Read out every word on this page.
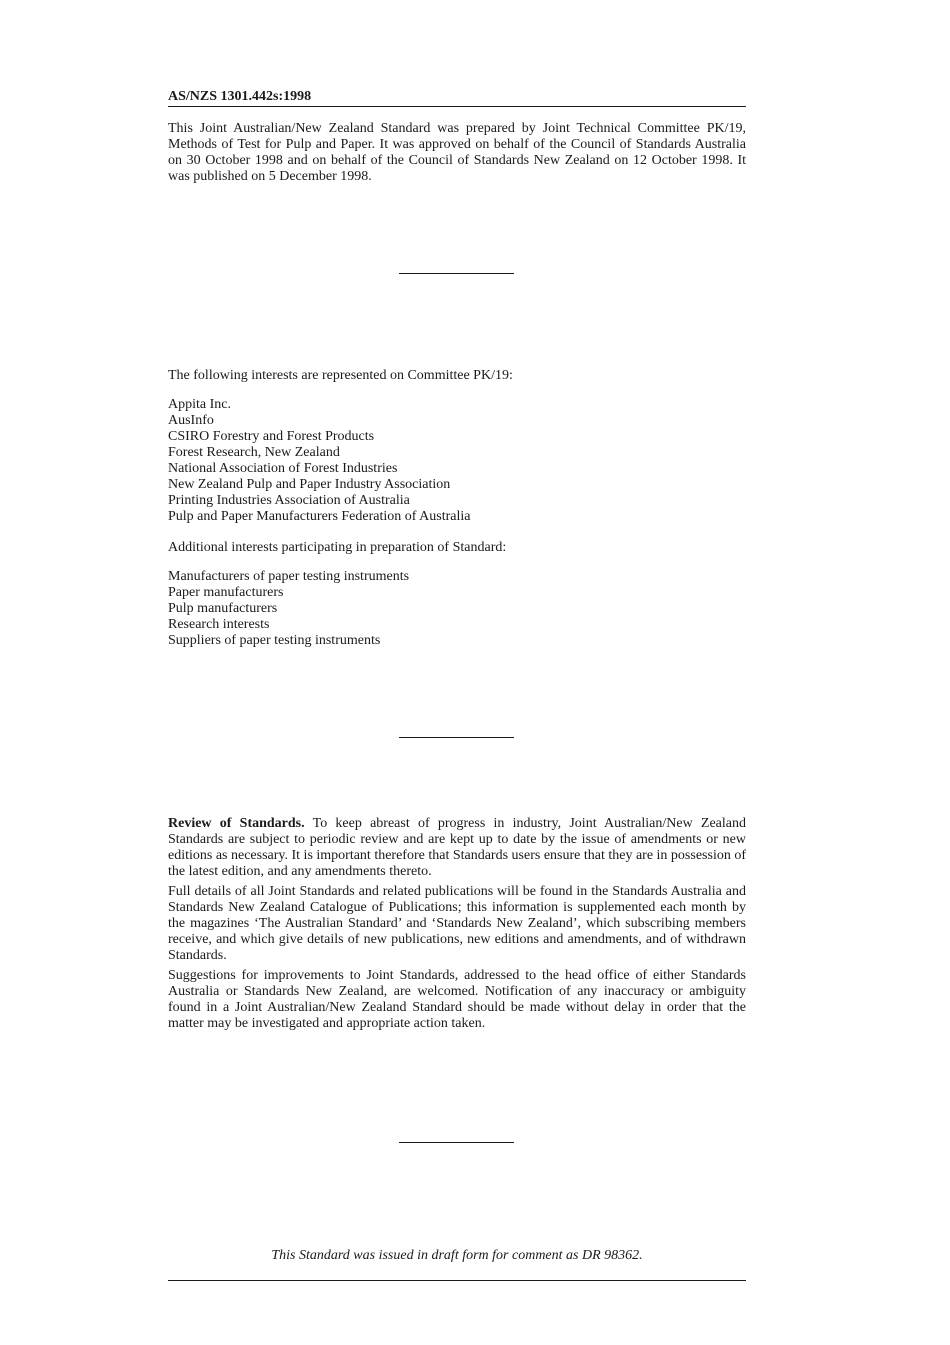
AS/NZS 1301.442s:1998
This Joint Australian/New Zealand Standard was prepared by Joint Technical Committee PK/19, Methods of Test for Pulp and Paper. It was approved on behalf of the Council of Standards Australia on 30 October 1998 and on behalf of the Council of Standards New Zealand on 12 October 1998. It was published on 5 December 1998.
The following interests are represented on Committee PK/19:
Appita Inc.
AusInfo
CSIRO Forestry and Forest Products
Forest Research, New Zealand
National Association of Forest Industries
New Zealand Pulp and Paper Industry Association
Printing Industries Association of Australia
Pulp and Paper Manufacturers Federation of Australia
Additional interests participating in preparation of Standard:
Manufacturers of paper testing instruments
Paper manufacturers
Pulp manufacturers
Research interests
Suppliers of paper testing instruments

Review of Standards. To keep abreast of progress in industry, Joint Australian/New Zealand Standards are subject to periodic review and are kept up to date by the issue of amendments or new editions as necessary. It is important therefore that Standards users ensure that they are in possession of the latest edition, and any amendments thereto.

Full details of all Joint Standards and related publications will be found in the Standards Australia and Standards New Zealand Catalogue of Publications; this information is supplemented each month by the magazines ‘The Australian Standard’ and ‘Standards New Zealand’, which subscribing members receive, and which give details of new publications, new editions and amendments, and of withdrawn Standards.

Suggestions for improvements to Joint Standards, addressed to the head office of either Standards Australia or Standards New Zealand, are welcomed. Notification of any inaccuracy or ambiguity found in a Joint Australian/New Zealand Standard should be made without delay in order that the matter may be investigated and appropriate action taken.

This Standard was issued in draft form for comment as DR 98362.
